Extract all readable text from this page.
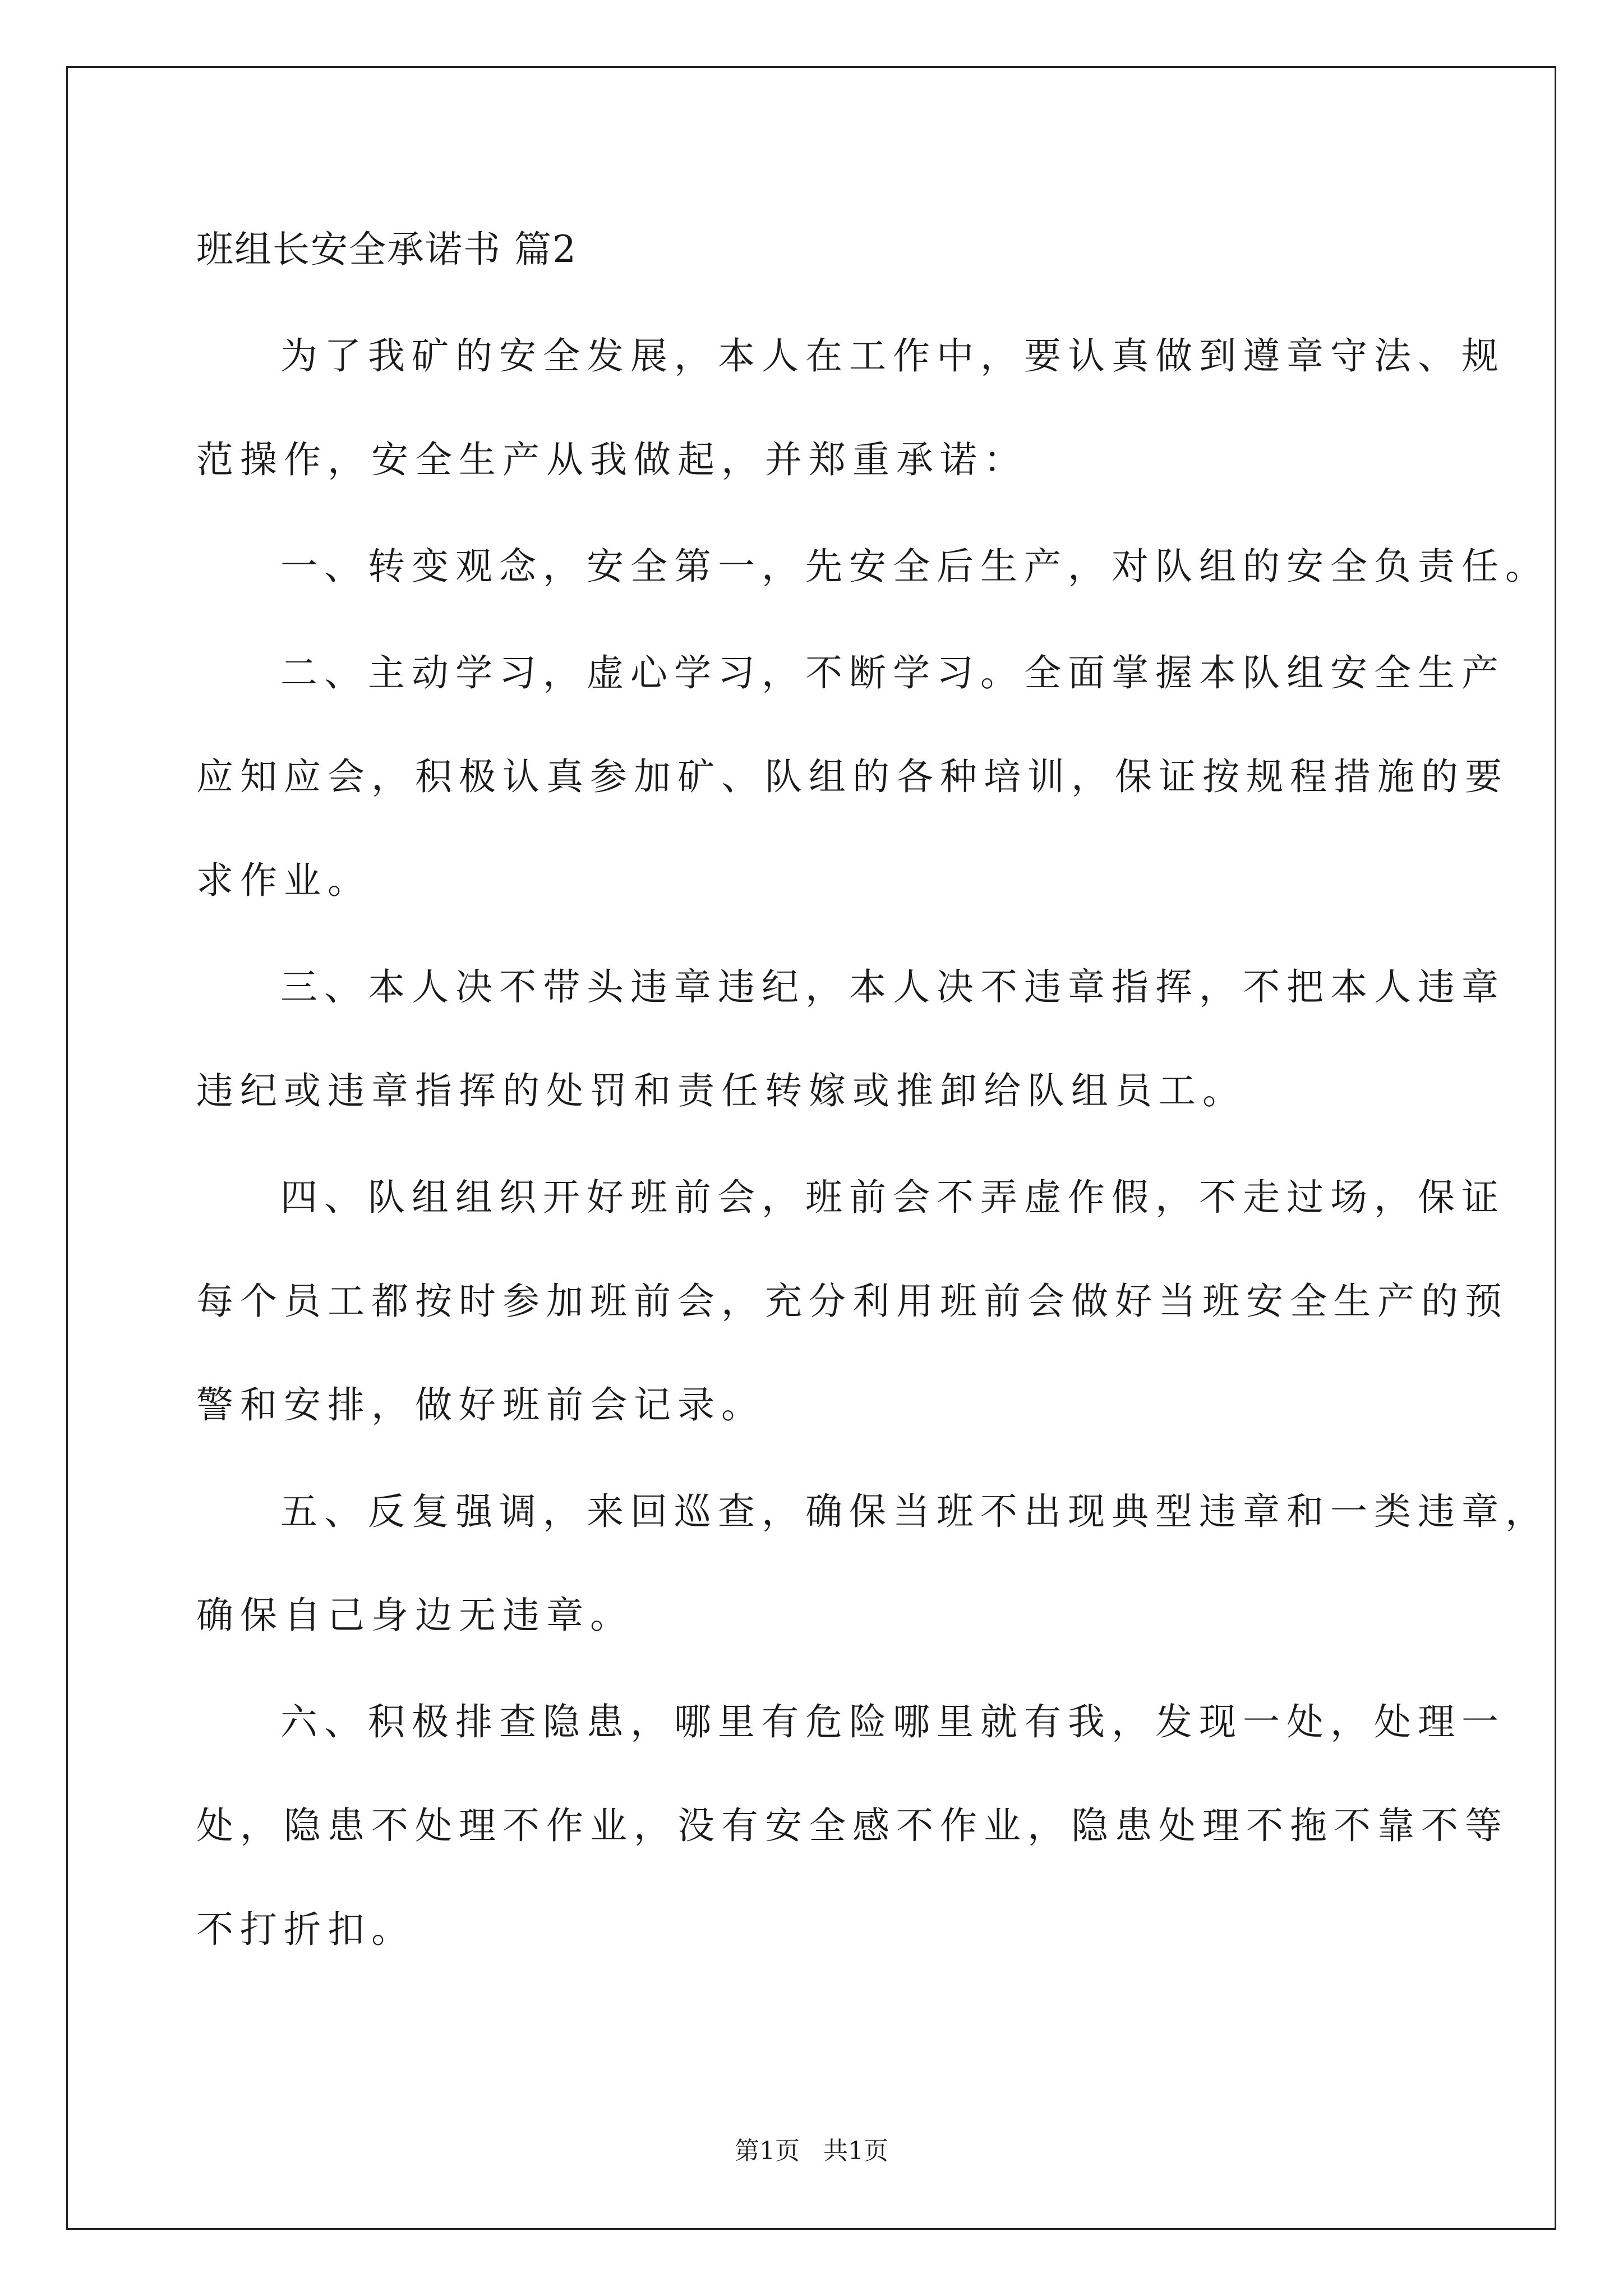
班组长安全承诺书 篇2
为了我矿的安全发展，本人在工作中，要认真做到遵章守法、规
范操作，安全生产从我做起，并郑重承诺：
一、转变观念，安全第一，先安全后生产，对队组的安全负责任。
二、主动学习，虚心学习，不断学习。全面掌握本队组安全生产
应知应会，积极认真参加矿、队组的各种培训，保证按规程措施的要
求作业。
三、本人决不带头违章违纪，本人决不违章指挥，不把本人违章
违纪或违章指挥的处罚和责任转嫁或推卸给队组员工。
四、队组组织开好班前会，班前会不弄虚作假，不走过场，保证
每个员工都按时参加班前会，充分利用班前会做好当班安全生产的预
警和安排，做好班前会记录。
五、反复强调，来回巡查，确保当班不出现典型违章和一类违章，
确保自己身边无违章。
六、积极排查隐患，哪里有危险哪里就有我，发现一处，处理一
处，隐患不处理不作业，没有安全感不作业，隐患处理不拖不靠不等
不打折扣。
第1页   共1页
